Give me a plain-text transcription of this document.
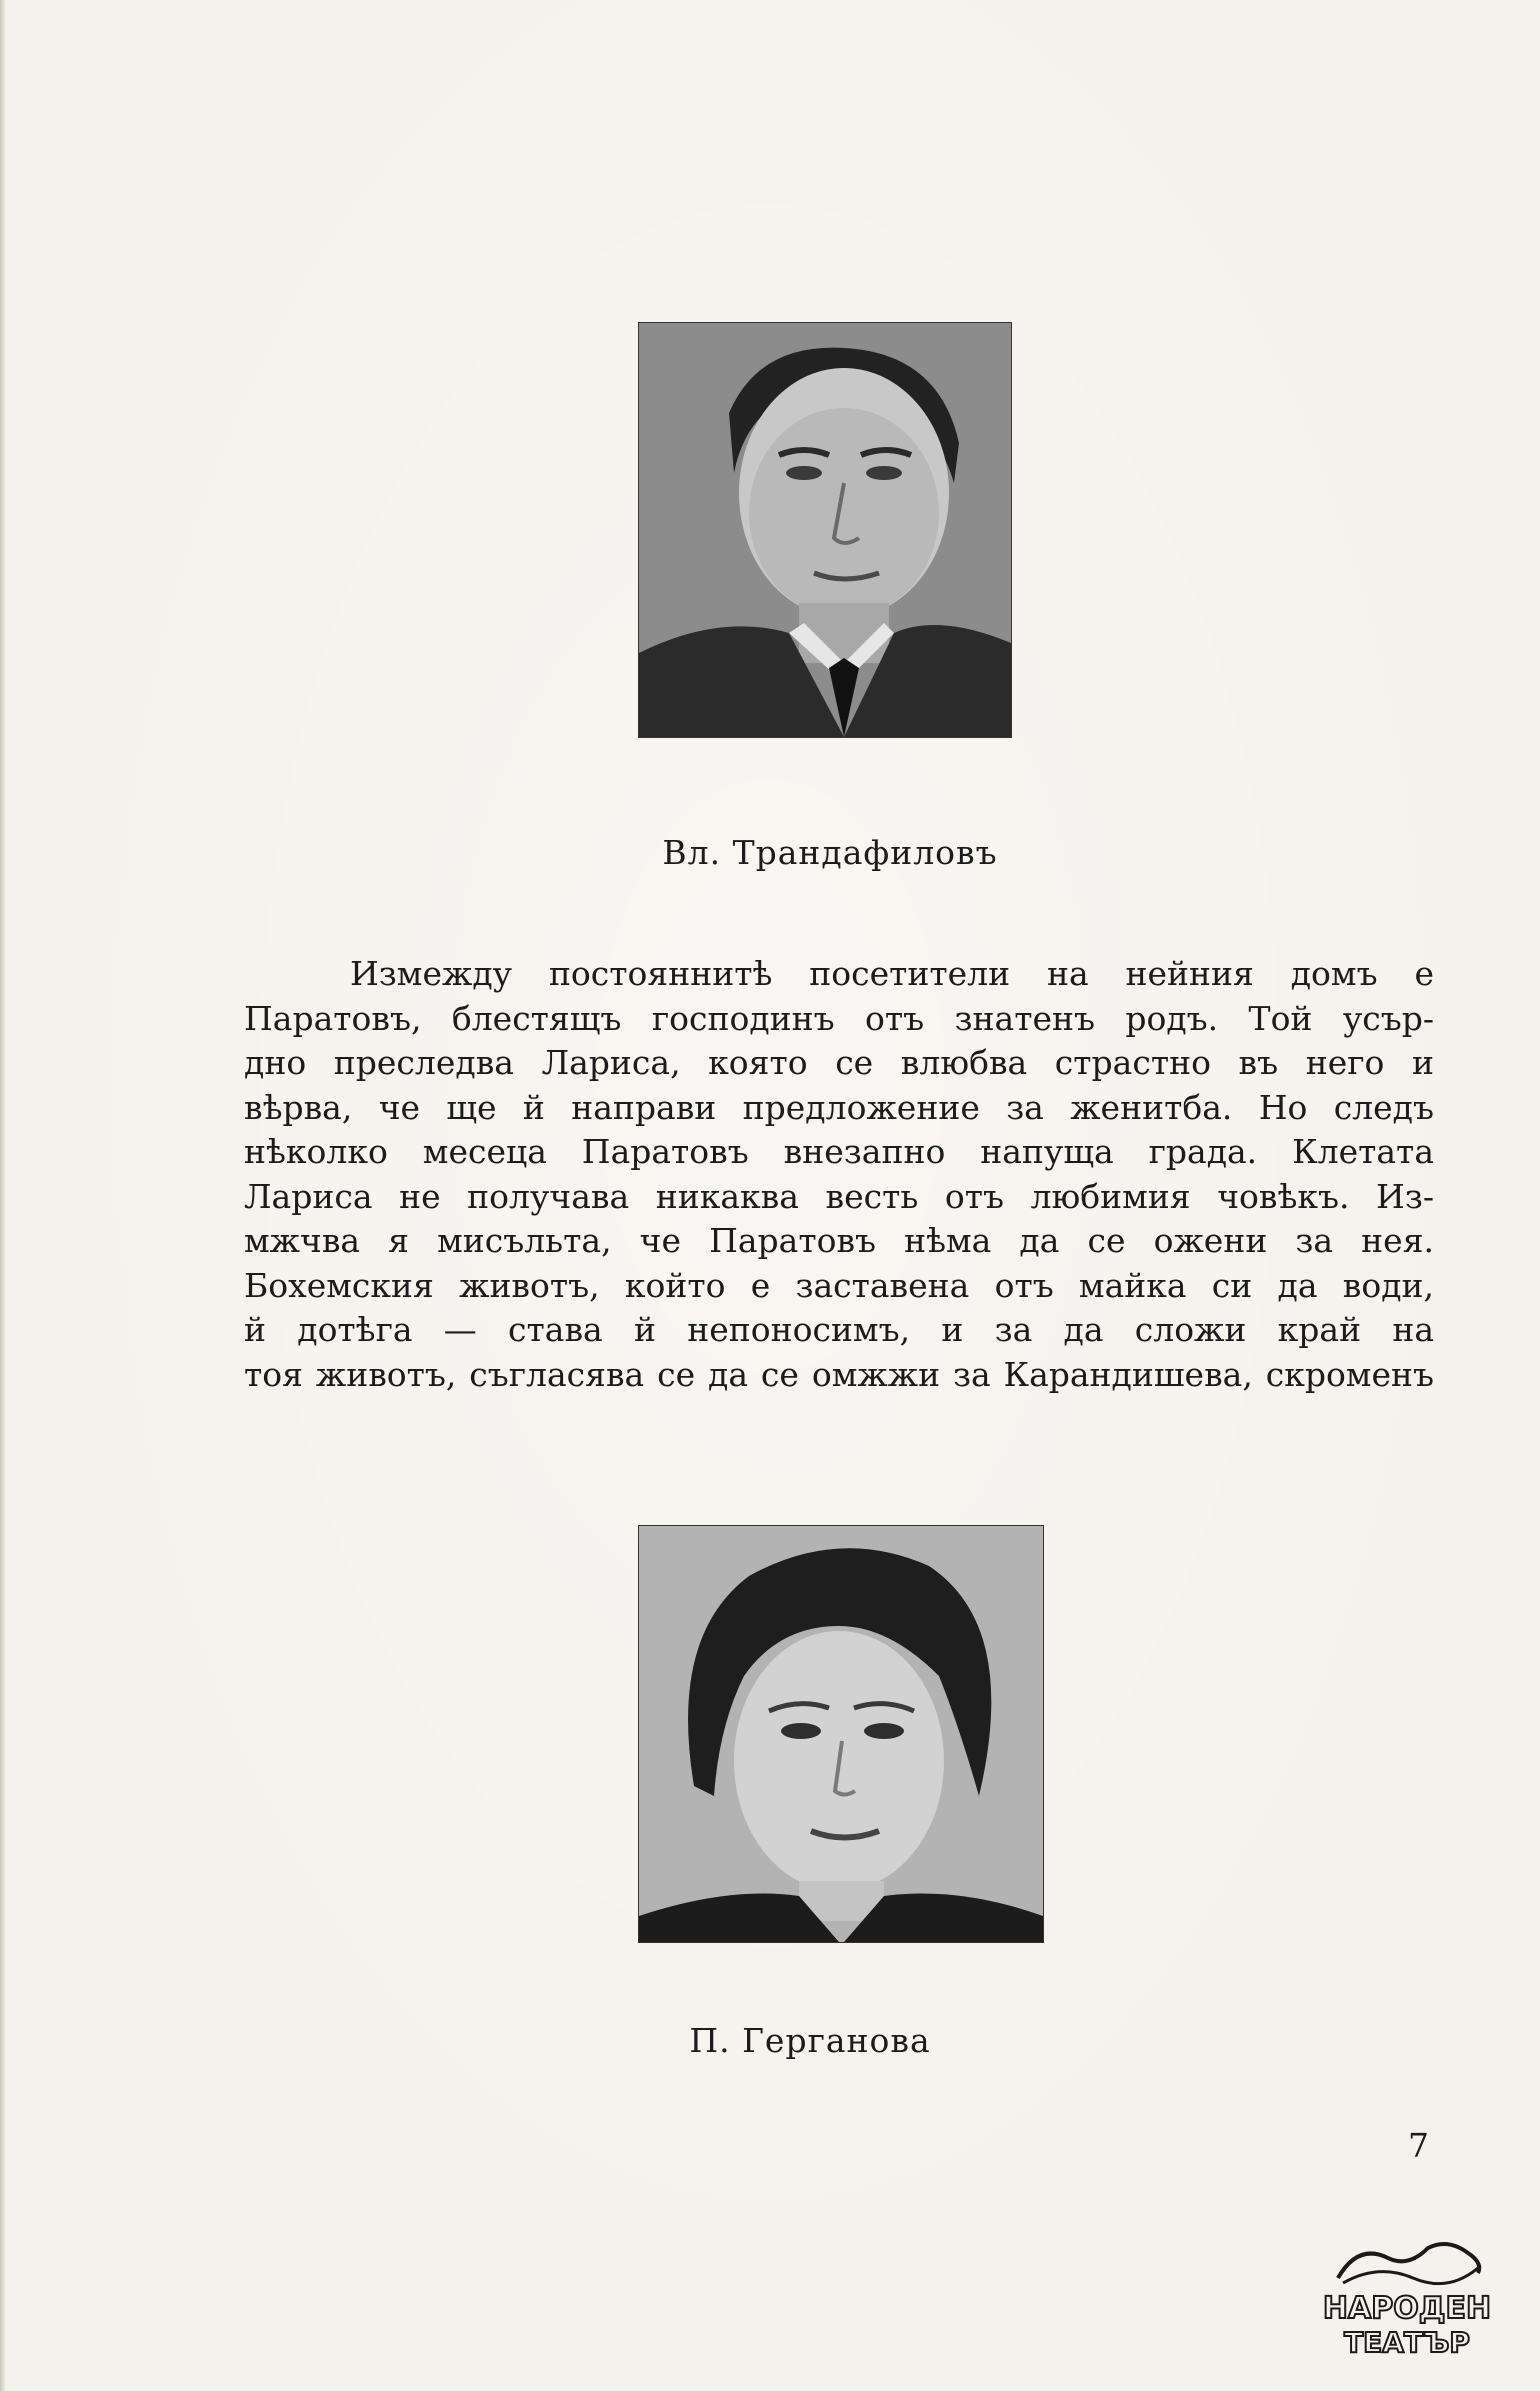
Вл. Трандафиловъ
Измежду постояннитѣ посетители на нейния домъ е
Паратовъ, блестящъ господинъ отъ знатенъ родъ. Той усър-
дно преследва Лариса, която се влюбва страстно въ него и
вѣрва, че ще й направи предложение за женитба. Но следъ
нѣколко месеца Паратовъ внезапно напуща града. Клетата
Лариса не получава никаква весть отъ любимия човѣкъ. Из-
мжчва я мисъльта, че Паратовъ нѣма да се ожени за нея.
Бохемския животъ, който е заставена отъ майка си да води,
й дотѣга — става й непоносимъ, и за да сложи край на
тоя животъ, съгласява се да се омжжи за Карандишева, скроменъ
П. Герганова
7
НАРОДЕН
ТЕАТЪР
